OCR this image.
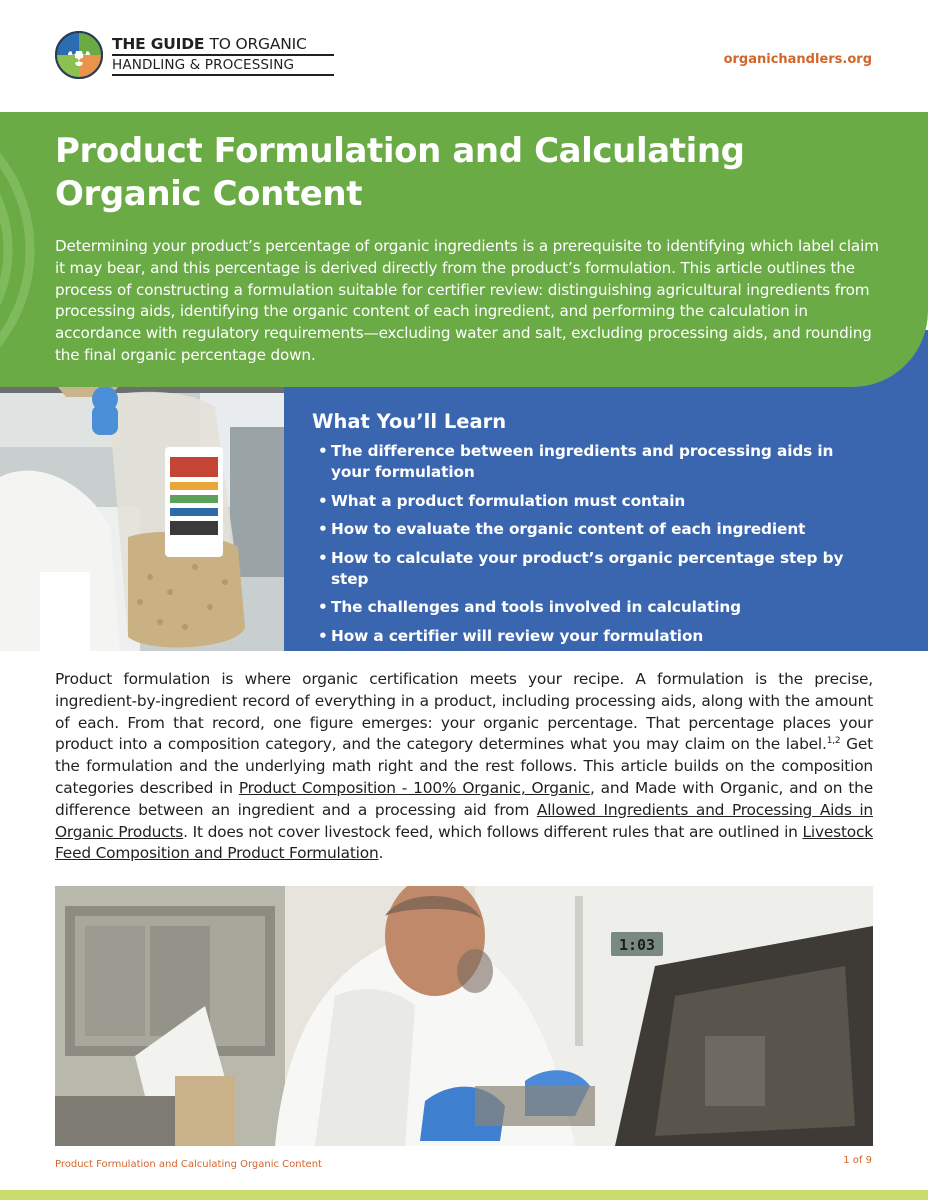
THE GUIDE TO ORGANIC
HANDLING & PROCESSING	organichandlers.org
What You’ll Learn
• The difference between ingredients and processing aids in your formulation
• What a product formulation must contain
• How to evaluate the organic content of each ingredient
• How to calculate your product’s organic percentage step by step
• The challenges and tools involved in calculating
• How a certifier will review your formulation
Product Formulation and Calculating
Organic Content
Determining your product’s percentage of organic ingredients is a prerequisite to identifying which label claim it may bear, and this percentage is derived directly from the product’s formulation. This article outlines the process of constructing a formulation suitable for certifier review: distinguishing agricultural ingredients from processing aids, identifying the organic content of each ingredient, and performing the calculation in accordance with regulatory requirements—excluding water and salt, excluding processing aids, and rounding the final organic percentage down.
Product formulation is where organic certification meets your recipe. A formulation is the precise, ingredient-by-ingredient record of everything in a product, including processing aids, along with the amount of each. From that record, one figure emerges: your organic percentage. That percentage places your product into a composition category, and the category determines what you may claim on the label.$^{1,2}$ Get the formulation and the underlying math right and the rest follows. This article builds on the composition categories described in Product Composition - 100% Organic, Organic, and Made with Organic, and on the difference between an ingredient and a processing aid from Allowed Ingredients and Processing Aids in Organic Products. It does not cover livestock feed, which follows different rules that are outlined in Livestock Feed Composition and Product Formulation.
1:03
Product Formulation and Calculating Organic Content	1 of 9
